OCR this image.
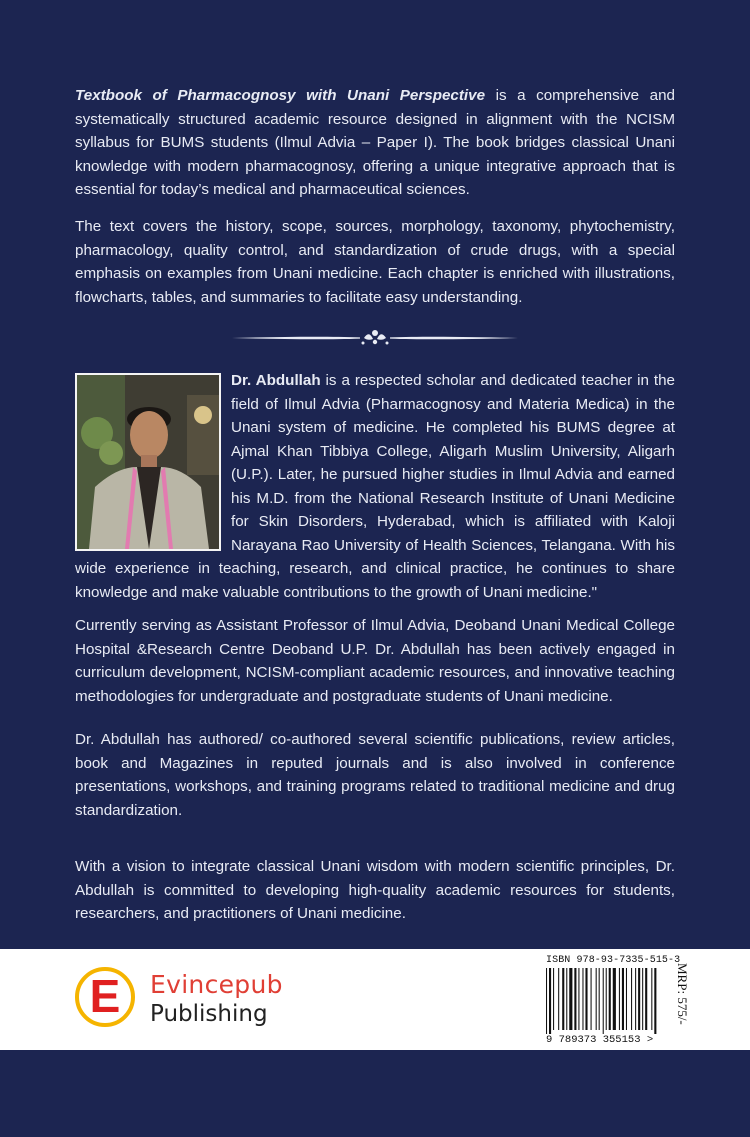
Textbook of Pharmacognosy with Unani Perspective is a comprehensive and systematically structured academic resource designed in alignment with the NCISM syllabus for BUMS students (Ilmul Advia – Paper I). The book bridges classical Unani knowledge with modern pharmacognosy, offering a unique integrative approach that is essential for today’s medical and pharmaceutical sciences.

The text covers the history, scope, sources, morphology, taxonomy, phytochemistry, pharmacology, quality control, and standardization of crude drugs, with a special emphasis on examples from Unani medicine. Each chapter is enriched with illustrations, flowcharts, tables, and summaries to facilitate easy understanding.

Dr. Abdullah is a respected scholar and dedicated teacher in the field of Ilmul Advia (Pharmacognosy and Materia Medica) in the Unani system of medicine. He completed his BUMS degree at Ajmal Khan Tibbiya College, Aligarh Muslim University, Aligarh (U.P.). Later, he pursued higher studies in Ilmul Advia and earned his M.D. from the National Research Institute of Unani Medicine for Skin Disorders, Hyderabad, which is affiliated with Kaloji Narayana Rao University of Health Sciences, Telangana. With his wide experience in teaching, research, and clinical practice, he continues to share knowledge and make valuable contributions to the growth of Unani medicine."

Currently serving as Assistant Professor of Ilmul Advia, Deoband Unani Medical College Hospital &Research Centre Deoband U.P. Dr. Abdullah has been actively engaged in curriculum development, NCISM-compliant academic resources, and innovative teaching methodologies for undergraduate and postgraduate students of Unani medicine.

Dr. Abdullah has authored/ co-authored several scientific publications, review articles, book and Magazines in reputed journals and is also involved in conference presentations, workshops, and training programs related to traditional medicine and drug standardization.

With a vision to integrate classical Unani wisdom with modern scientific principles, Dr. Abdullah is committed to developing high-quality academic resources for students, researchers, and practitioners of Unani medicine.

E	Evincepub
Publishing
ISBN 978-93-7335-515-3
9 789373 355153 >
MRP: 575/-
